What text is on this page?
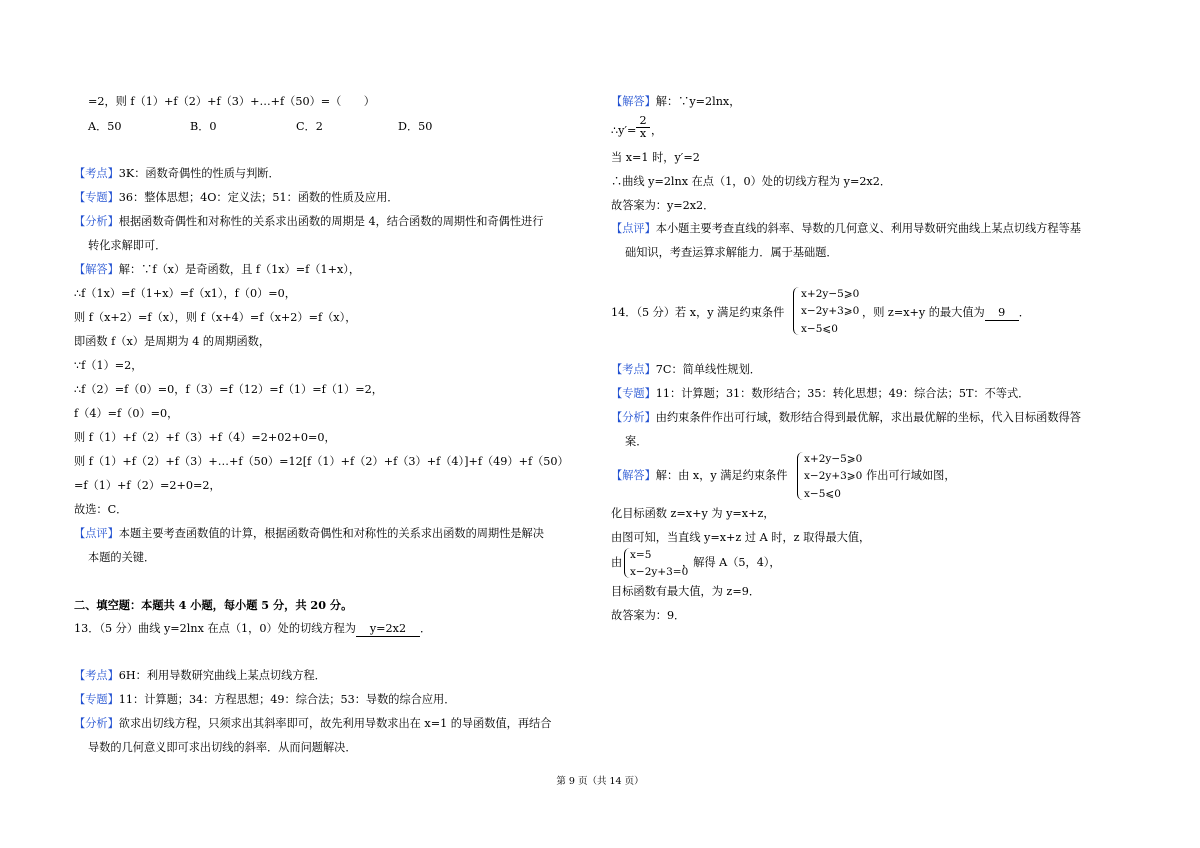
=2，则 f（1）+f（2）+f（3）+…+f（50）=（　　）
A．⁦50	B．0	C．2	D．50
【考点】3K：函数奇偶性的性质与判断．
【专题】36：整体思想；4O：定义法；51：函数的性质及应用．
【分析】根据函数奇偶性和对称性的关系求出函数的周期是 4，结合函数的周期性和奇偶性进行
转化求解即可．
【解答】解：∵f（x）是奇函数，且 f（1⁦x）=f（1+x），
∴f（1⁦x）=f（1+x）=⁦f（x⁦1），f（0）=0，
则 f（x+2）=⁦f（x），则 f（x+4）=⁦f（x+2）=f（x），
即函数 f（x）是周期为 4 的周期函数，
∵f（1）=2，
∴f（2）=f（0）=0，f（3）=f（1⁦2）=f（⁦1）=⁦f（1）=⁦2，
f（4）=f（0）=0，
则 f（1）+f（2）+f（3）+f（4）=2+0⁦2+0=0，
则 f（1）+f（2）+f（3）+…+f（50）=12[f（1）+f（2）+f（3）+f（4）]+f（49）+f（50）
=f（1）+f（2）=2+0=2，
故选：C．
【点评】本题主要考查函数值的计算，根据函数奇偶性和对称性的关系求出函数的周期性是解决
本题的关键．
二、填空题：本题共 4 小题，每小题 5 分，共 20 分。
13．（5 分）曲线 y=2lnx 在点（1，0）处的切线方程为 y=2x⁦2 ．
【考点】6H：利用导数研究曲线上某点切线方程．
【专题】11：计算题；34：方程思想；49：综合法；53：导数的综合应用．
【分析】欲求出切线方程，只须求出其斜率即可，故先利用导数求出在 x=1 的导函数值，再结合
导数的几何意义即可求出切线的斜率．从而问题解决．
【解答】解：∵y=2lnx，
∴y′= $\frac{2}{x}$ ，
当 x=1 时，y′=2
∴曲线 y=2lnx 在点（1，0）处的切线方程为 y=2x⁦2．
故答案为：y=2x⁦2．
【点评】本小题主要考查直线的斜率、导数的几何意义、利用导数研究曲线上某点切线方程等基
础知识，考查运算求解能力．属于基础题．
14．（5 分）若 x，y 满足约束条件
x+2y−5⩾0
x−2y+3⩾0
x−5⩽0
，则 z=x+y 的最大值为 9 ．
【考点】7C：简单线性规划．
【专题】11：计算题；31：数形结合；35：转化思想；49：综合法；5T：不等式．
【分析】由约束条件作出可行域，数形结合得到最优解，求出最优解的坐标，代入目标函数得答
案．
【解答】解：由 x，y 满足约束条件
x+2y−5⩾0
x−2y+3⩾0
x−5⩽0
作出可行域如图，
化目标函数 z=x+y 为 y=⁦x+z，
由图可知，当直线 y=⁦x+z 过 A 时，z 取得最大值，
由
x=5
x−2y+3=0
，解得 A（5，4），
目标函数有最大值，为 z=9．
故答案为：9．
第 9 页（共 14 页）
